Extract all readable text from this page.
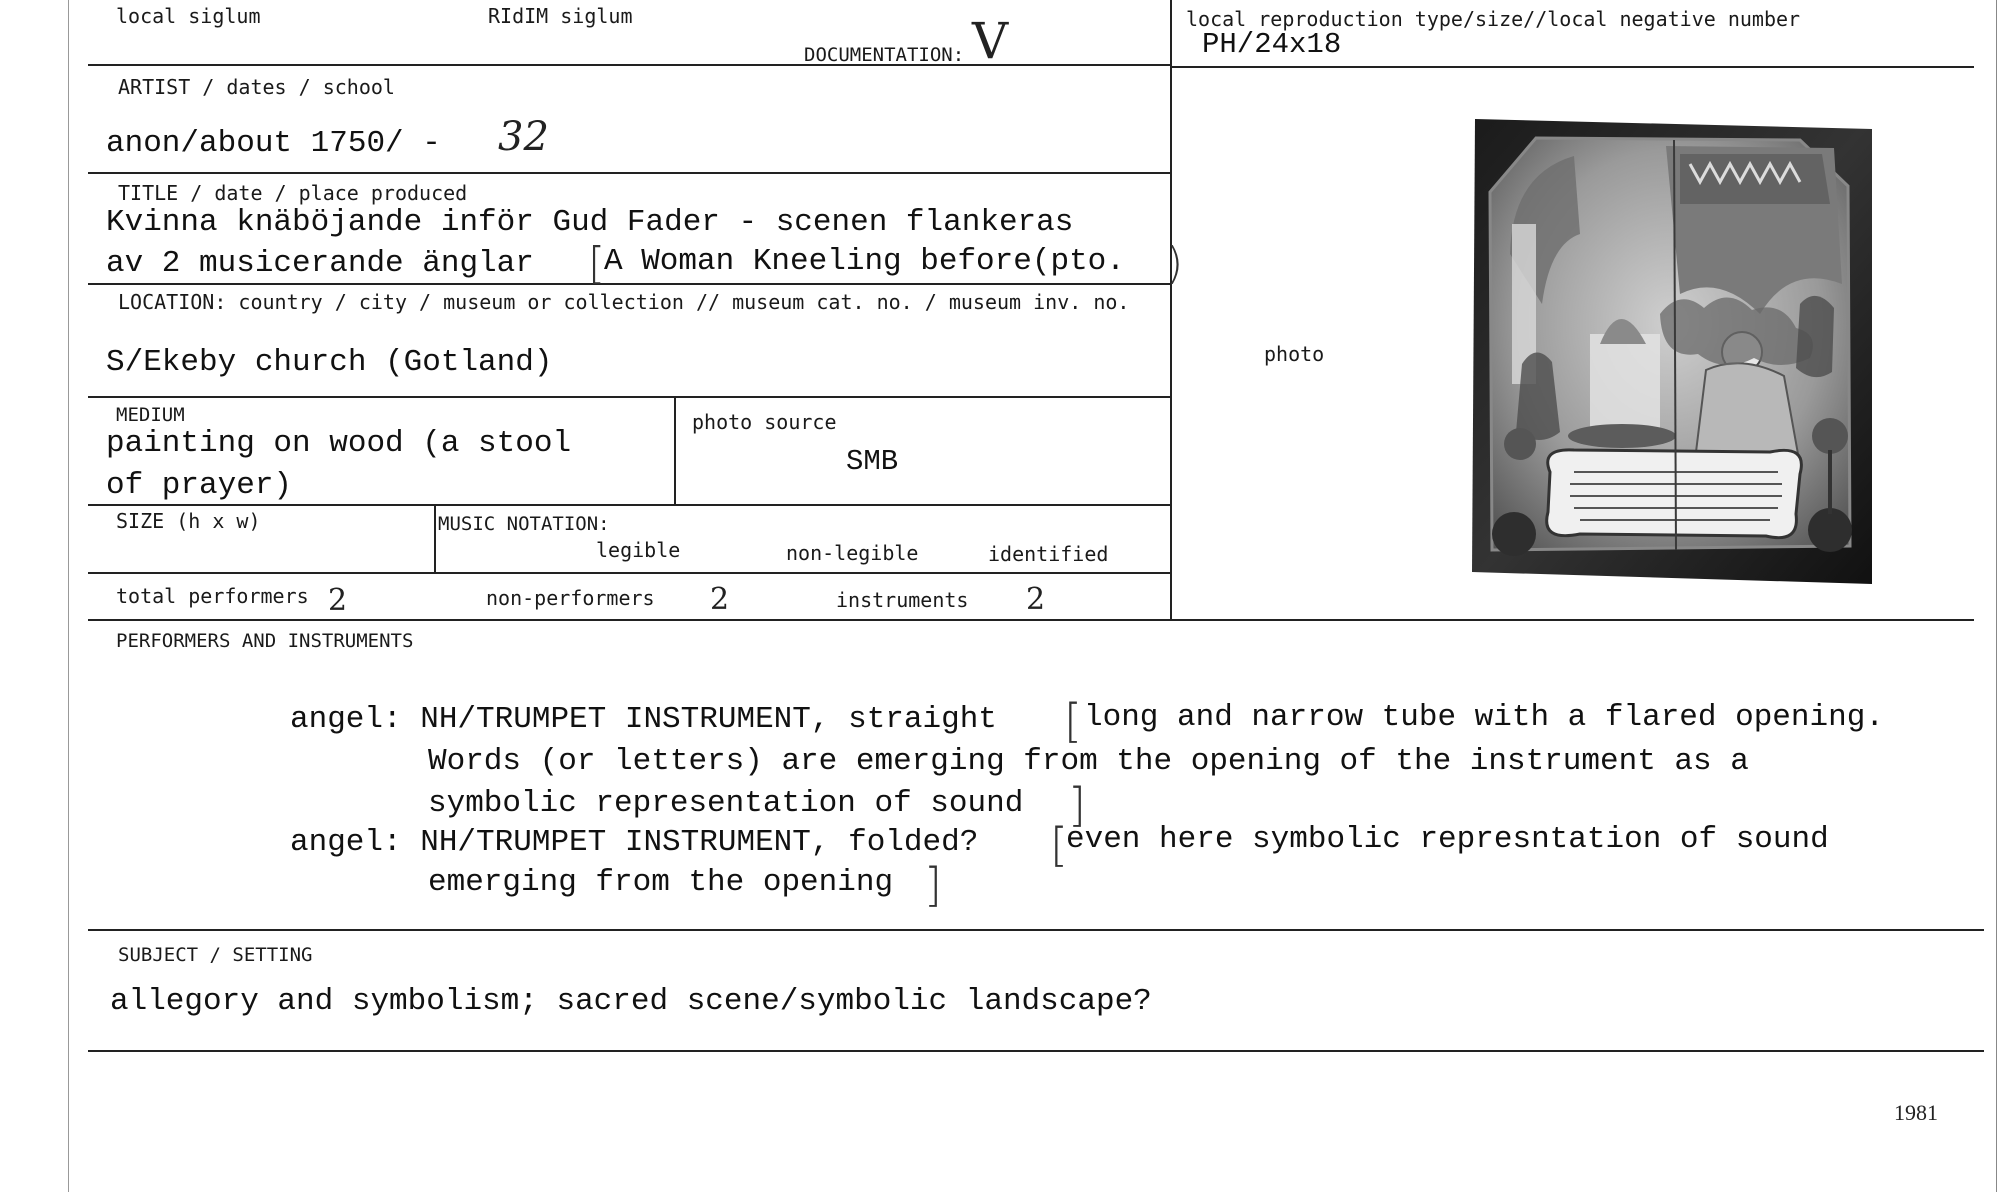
local siglum	RIdIM siglum
DOCUMENTATION: V	local reproduction type/size//local negative number
PH/24x18
ARTIST / dates / school
anon/about 1750/ - 32
TITLE / date / place produced
Kvinna knäböjande inför Gud Fader - scenen flankeras
av 2 musicerande änglar [
A Woman Kneeling before(pto. )
LOCATION: country / city / museum or collection // museum cat. no. / museum inv. no.
S/Ekeby church (Gotland)
MEDIUM
painting on wood (a stool
of prayer)
photo source
SMB
SIZE (h x w)	MUSIC NOTATION:
legible	non-legible	identified
total performers 2	non-performers 2	instruments 2
photo
PERFORMERS AND INSTRUMENTS
angel: NH/TRUMPET INSTRUMENT, straight [ long and narrow tube with a flared opening.
Words (or letters) are emerging from the opening of the instrument as a
symbolic representation of sound ]
angel: NH/TRUMPET INSTRUMENT, folded? [
even here symbolic represntation of sound
emerging from the opening ]
SUBJECT / SETTING
allegory and symbolism; sacred scene/symbolic landscape?
1981
